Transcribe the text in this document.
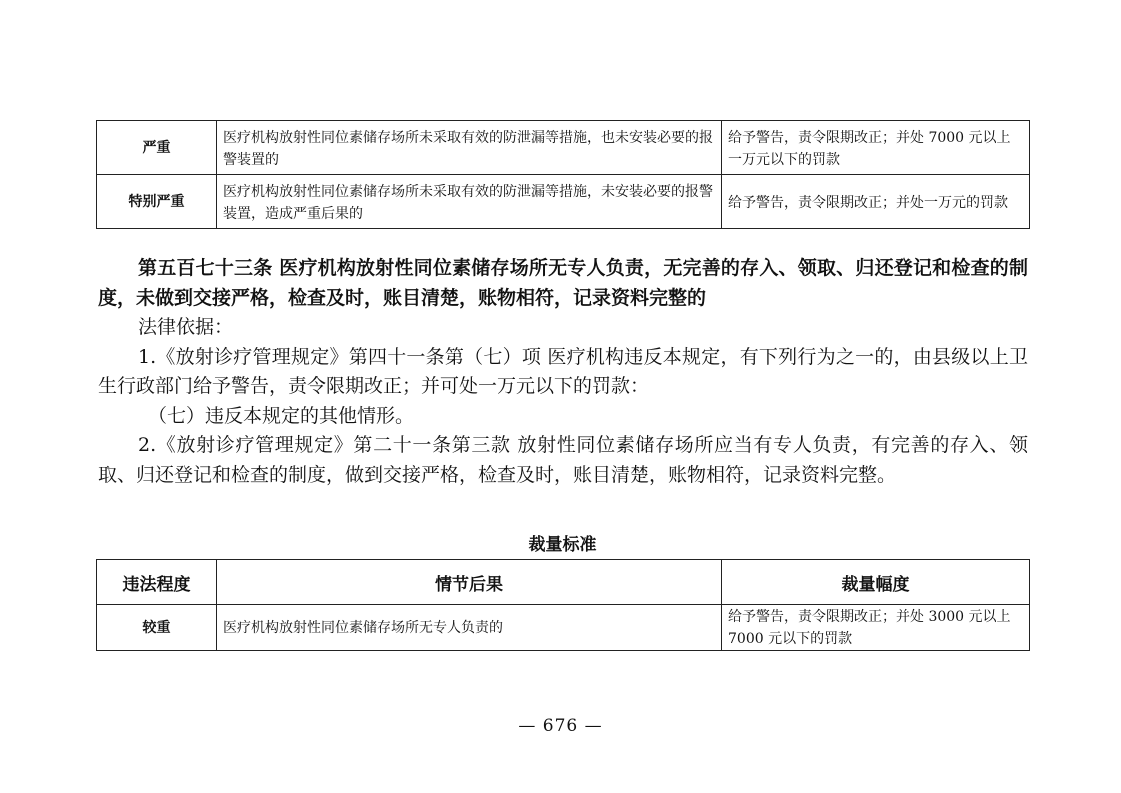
严重	医疗机构放射性同位素储存场所未采取有效的防泄漏等措施，也未安装必要的报警装置的	给予警告，责令限期改正；并处 7000 元以上一万元以下的罚款
特别严重	医疗机构放射性同位素储存场所未采取有效的防泄漏等措施，未安装必要的报警装置，造成严重后果的	给予警告，责令限期改正；并处一万元的罚款

第五百七十三条 医疗机构放射性同位素储存场所无专人负责，无完善的存入、领取、归还登记和检查的制度，未做到交接严格，检查及时，账目清楚，账物相符，记录资料完整的

法律依据：

1.《放射诊疗管理规定》第四十一条第（七）项 医疗机构违反本规定，有下列行为之一的，由县级以上卫生行政部门给予警告，责令限期改正；并可处一万元以下的罚款：

（七）违反本规定的其他情形。

2.《放射诊疗管理规定》第二十一条第三款 放射性同位素储存场所应当有专人负责，有完善的存入、领取、归还登记和检查的制度，做到交接严格，检查及时，账目清楚，账物相符，记录资料完整。

裁量标准
违法程度	情节后果	裁量幅度
较重	医疗机构放射性同位素储存场所无专人负责的	给予警告，责令限期改正；并处 3000 元以上 7000 元以下的罚款
— 676 —
